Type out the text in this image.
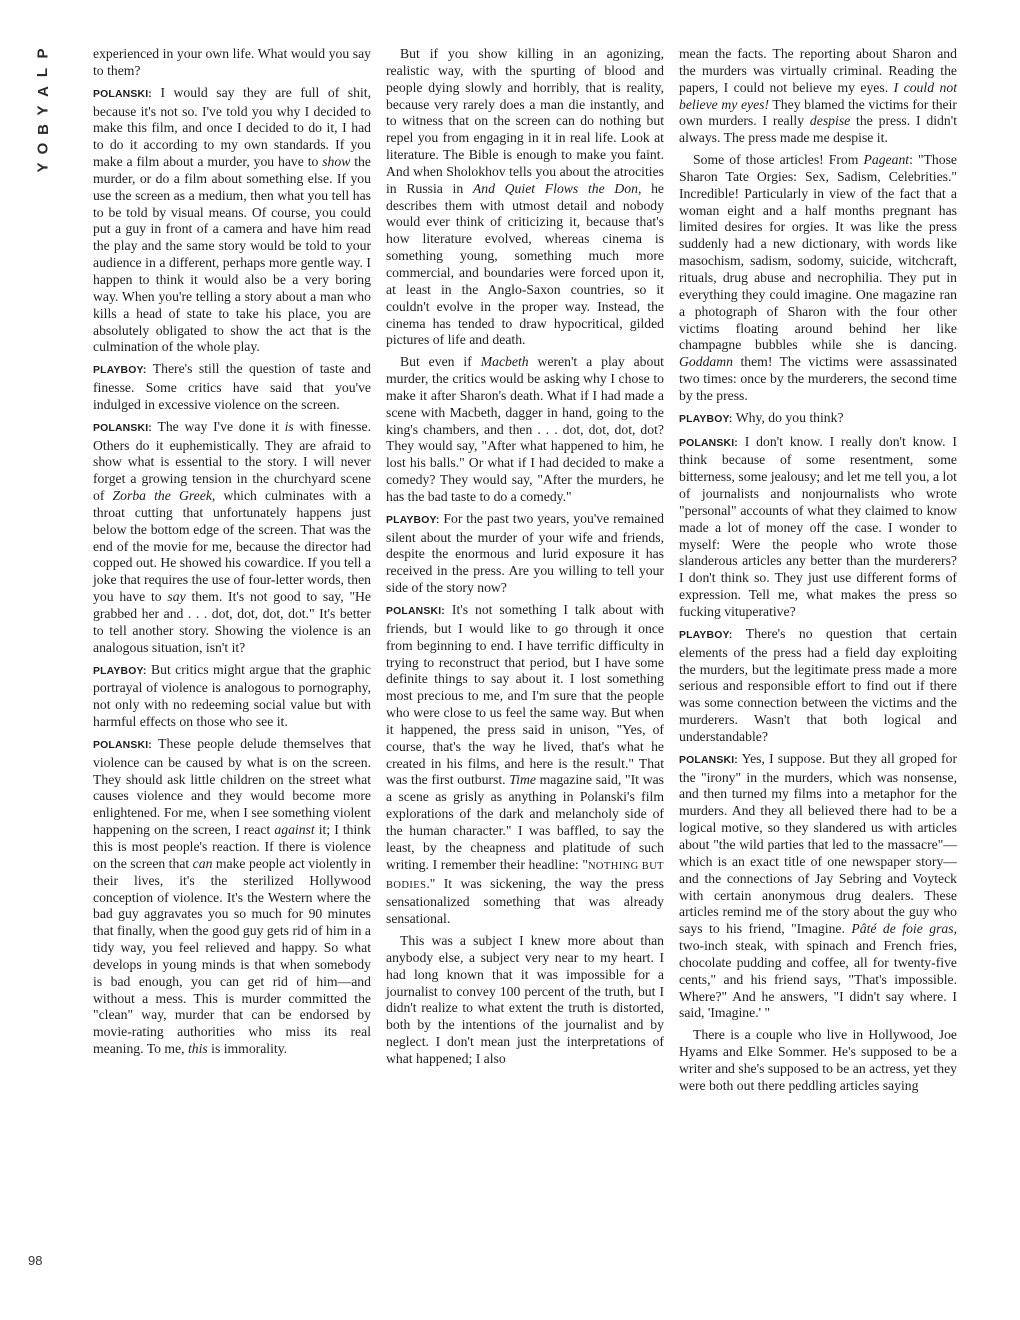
P
L
A
Y
B
O
Y
98

experienced in your own life. What would you say to them?

POLANSKI: I would say they are full of shit, because it's not so. I've told you why I decided to make this film, and once I decided to do it, I had to do it according to my own standards. If you make a film about a murder, you have to show the murder, or do a film about something else. If you use the screen as a medium, then what you tell has to be told by visual means. Of course, you could put a guy in front of a camera and have him read the play and the same story would be told to your audience in a different, perhaps more gentle way. I happen to think it would also be a very boring way. When you're telling a story about a man who kills a head of state to take his place, you are absolutely obligated to show the act that is the culmination of the whole play.

PLAYBOY: There's still the question of taste and finesse. Some critics have said that you've indulged in excessive violence on the screen.

POLANSKI: The way I've done it is with finesse. Others do it euphemistically. They are afraid to show what is essential to the story. I will never forget a growing tension in the churchyard scene of Zorba the Greek, which culminates with a throat cutting that unfortunately happens just below the bottom edge of the screen. That was the end of the movie for me, because the director had copped out. He showed his cowardice. If you tell a joke that requires the use of four-letter words, then you have to say them. It's not good to say, "He grabbed her and . . . dot, dot, dot, dot." It's better to tell another story. Showing the violence is an analogous situation, isn't it?

PLAYBOY: But critics might argue that the graphic portrayal of violence is analogous to pornography, not only with no redeeming social value but with harmful effects on those who see it.

POLANSKI: These people delude themselves that violence can be caused by what is on the screen. They should ask little children on the street what causes violence and they would become more enlightened. For me, when I see something violent happening on the screen, I react against it; I think this is most people's reaction. If there is violence on the screen that can make people act violently in their lives, it's the sterilized Hollywood conception of violence. It's the Western where the bad guy aggravates you so much for 90 minutes that finally, when the good guy gets rid of him in a tidy way, you feel relieved and happy. So what develops in young minds is that when somebody is bad enough, you can get rid of him—and without a mess. This is murder committed the "clean" way, murder that can be endorsed by movie-rating authorities who miss its real meaning. To me, this is immorality.

But if you show killing in an agonizing, realistic way, with the spurting of blood and people dying slowly and horribly, that is reality, because very rarely does a man die instantly, and to witness that on the screen can do nothing but repel you from engaging in it in real life. Look at literature. The Bible is enough to make you faint. And when Sholokhov tells you about the atrocities in Russia in And Quiet Flows the Don, he describes them with utmost detail and nobody would ever think of criticizing it, because that's how literature evolved, whereas cinema is something young, something much more commercial, and boundaries were forced upon it, at least in the Anglo-Saxon countries, so it couldn't evolve in the proper way. Instead, the cinema has tended to draw hypocritical, gilded pictures of life and death.

But even if Macbeth weren't a play about murder, the critics would be asking why I chose to make it after Sharon's death. What if I had made a scene with Macbeth, dagger in hand, going to the king's chambers, and then . . . dot, dot, dot, dot? They would say, "After what happened to him, he lost his balls." Or what if I had decided to make a comedy? They would say, "After the murders, he has the bad taste to do a comedy."

PLAYBOY: For the past two years, you've remained silent about the murder of your wife and friends, despite the enormous and lurid exposure it has received in the press. Are you willing to tell your side of the story now?

POLANSKI: It's not something I talk about with friends, but I would like to go through it once from beginning to end. I have terrific difficulty in trying to reconstruct that period, but I have some definite things to say about it. I lost something most precious to me, and I'm sure that the people who were close to us feel the same way. But when it happened, the press said in unison, "Yes, of course, that's the way he lived, that's what he created in his films, and here is the result." That was the first outburst. Time magazine said, "It was a scene as grisly as anything in Polanski's film explorations of the dark and melancholy side of the human character." I was baffled, to say the least, by the cheapness and platitude of such writing. I remember their headline: "NOTHING BUT BODIES." It was sickening, the way the press sensationalized something that was already sensational.

This was a subject I knew more about than anybody else, a subject very near to my heart. I had long known that it was impossible for a journalist to convey 100 percent of the truth, but I didn't realize to what extent the truth is distorted, both by the intentions of the journalist and by neglect. I don't mean just the interpretations of what happened; I also

mean the facts. The reporting about Sharon and the murders was virtually criminal. Reading the papers, I could not believe my eyes. I could not believe my eyes! They blamed the victims for their own murders. I really despise the press. I didn't always. The press made me despise it.

Some of those articles! From Pageant: "Those Sharon Tate Orgies: Sex, Sadism, Celebrities." Incredible! Particularly in view of the fact that a woman eight and a half months pregnant has limited desires for orgies. It was like the press suddenly had a new dictionary, with words like masochism, sadism, sodomy, suicide, witchcraft, rituals, drug abuse and necrophilia. They put in everything they could imagine. One magazine ran a photograph of Sharon with the four other victims floating around behind her like champagne bubbles while she is dancing. Goddamn them! The victims were assassinated two times: once by the murderers, the second time by the press.

PLAYBOY: Why, do you think?

POLANSKI: I don't know. I really don't know. I think because of some resentment, some bitterness, some jealousy; and let me tell you, a lot of journalists and nonjournalists who wrote "personal" accounts of what they claimed to know made a lot of money off the case. I wonder to myself: Were the people who wrote those slanderous articles any better than the murderers? I don't think so. They just use different forms of expression. Tell me, what makes the press so fucking vituperative?

PLAYBOY: There's no question that certain elements of the press had a field day exploiting the murders, but the legitimate press made a more serious and responsible effort to find out if there was some connection between the victims and the murderers. Wasn't that both logical and understandable?

POLANSKI: Yes, I suppose. But they all groped for the "irony" in the murders, which was nonsense, and then turned my films into a metaphor for the murders. And they all believed there had to be a logical motive, so they slandered us with articles about "the wild parties that led to the massacre"—which is an exact title of one newspaper story—and the connections of Jay Sebring and Voyteck with certain anonymous drug dealers. These articles remind me of the story about the guy who says to his friend, "Imagine. Pâté de foie gras, two-inch steak, with spinach and French fries, chocolate pudding and coffee, all for twenty-five cents," and his friend says, "That's impossible. Where?" And he answers, "I didn't say where. I said, 'Imagine.' "

There is a couple who live in Hollywood, Joe Hyams and Elke Sommer. He's supposed to be a writer and she's supposed to be an actress, yet they were both out there peddling articles saying
